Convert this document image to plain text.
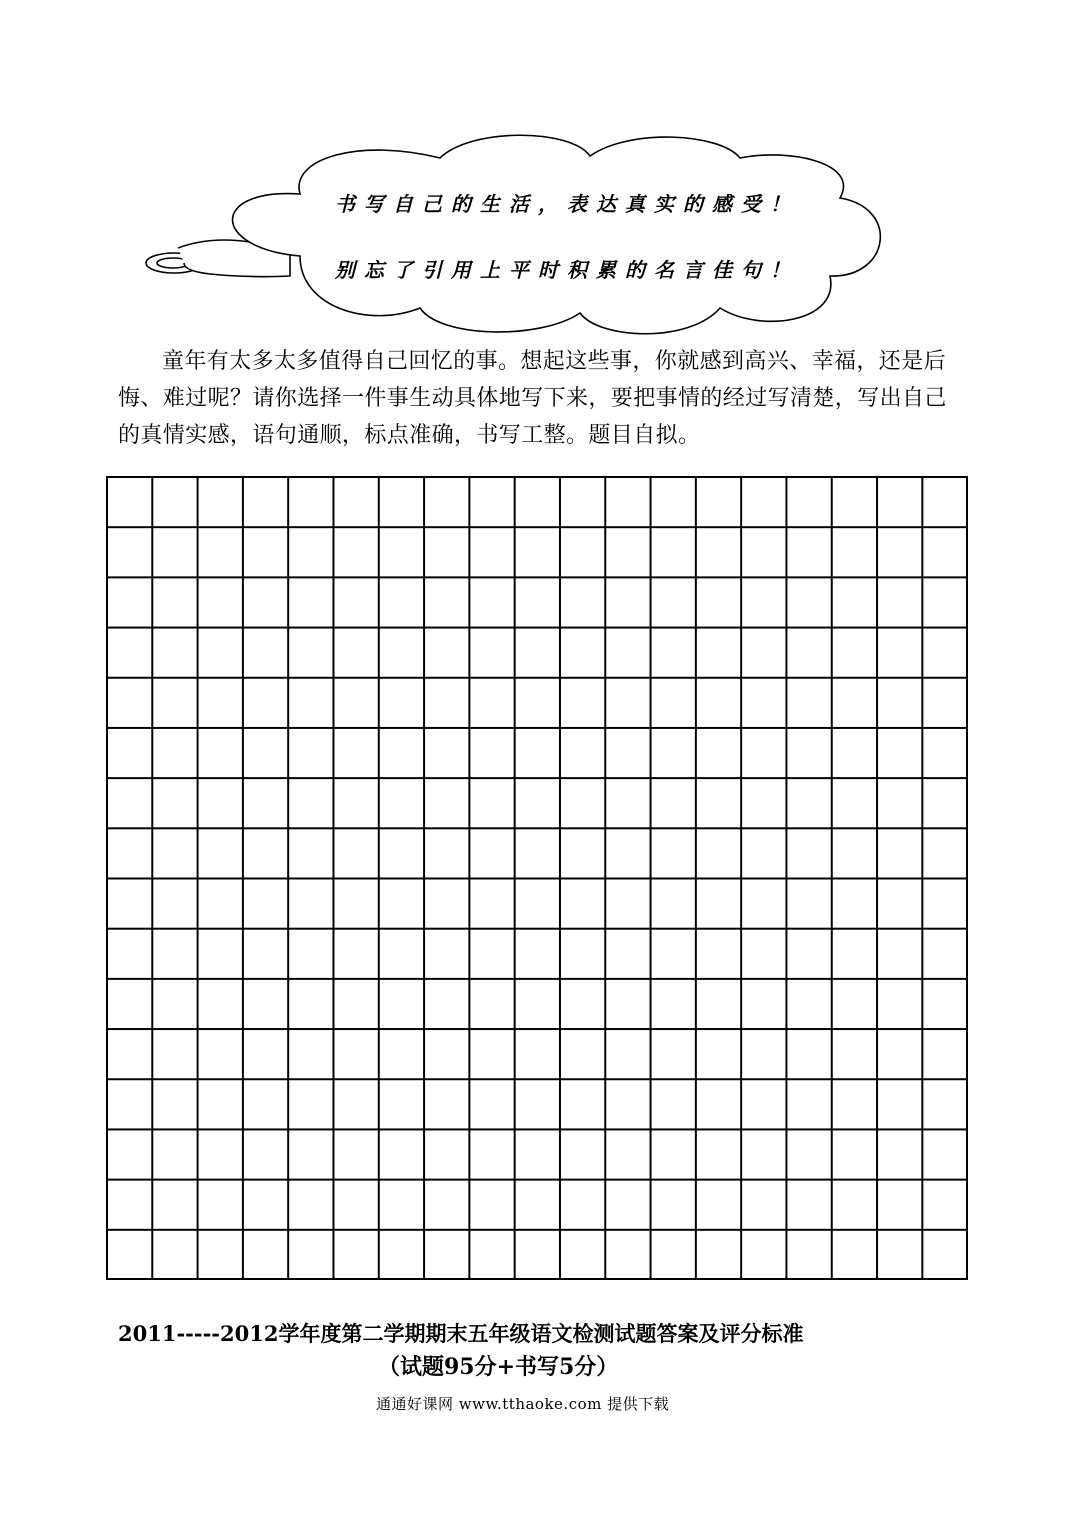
书写自己的生活，表达真实的感受！
别忘了引用上平时积累的名言佳句！

童年有太多太多值得自己回忆的事。想起这些事，你就感到高兴、幸福，还是后悔、难过呢？请你选择一件事生动具体地写下来，要把事情的经过写清楚，写出自己的真情实感，语句通顺，标点准确，书写工整。题目自拟。

2011-----2012学年度第二学期期末五年级语文检测试题答案及评分标准
（试题95分+书写5分）
通通好课网 www.tthaoke.com 提供下载
